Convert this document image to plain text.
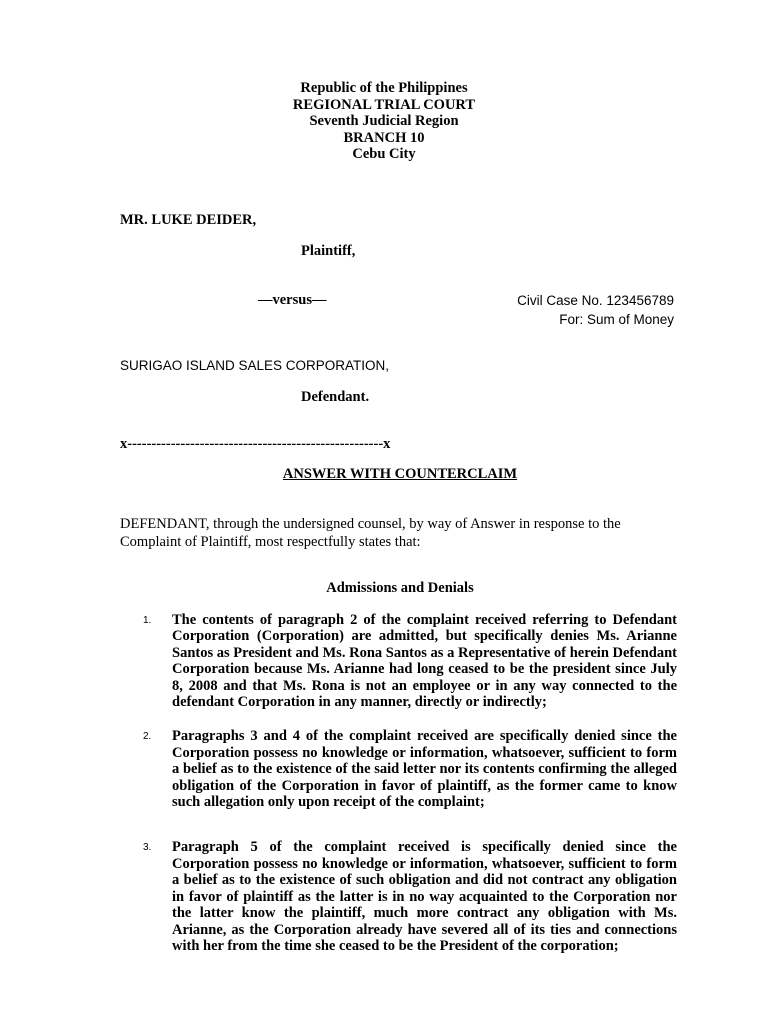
Republic of the Philippines
REGIONAL TRIAL COURT
Seventh Judicial Region
BRANCH 10
Cebu City
MR. LUKE DEIDER,
Plaintiff,
—versus—	Civil Case No. 123456789
For: Sum of Money
SURIGAO ISLAND SALES CORPORATION,
Defendant.
x-----------------------------------------------------x
ANSWER WITH COUNTERCLAIM
DEFENDANT, through the undersigned counsel, by way of Answer in response to the Complaint of Plaintiff, most respectfully states that:
Admissions and Denials
1. The contents of paragraph 2 of the complaint received referring to Defendant Corporation (Corporation) are admitted, but specifically denies Ms. Arianne Santos as President and Ms. Rona Santos as a Representative of herein Defendant Corporation because Ms. Arianne had long ceased to be the president since July 8, 2008 and that Ms. Rona is not an employee or in any way connected to the defendant Corporation in any manner, directly or indirectly;
2. Paragraphs 3 and 4 of the complaint received are specifically denied since the Corporation possess no knowledge or information, whatsoever, sufficient to form a belief as to the existence of the said letter nor its contents confirming the alleged obligation of the Corporation in favor of plaintiff, as the former came to know such allegation only upon receipt of the complaint;
3. Paragraph 5 of the complaint received is specifically denied since the Corporation possess no knowledge or information, whatsoever, sufficient to form a belief as to the existence of such obligation and did not contract any obligation in favor of plaintiff as the latter is in no way acquainted to the Corporation nor the latter know the plaintiff, much more contract any obligation with Ms. Arianne, as the Corporation already have severed all of its ties and connections with her from the time she ceased to be the President of the corporation;
